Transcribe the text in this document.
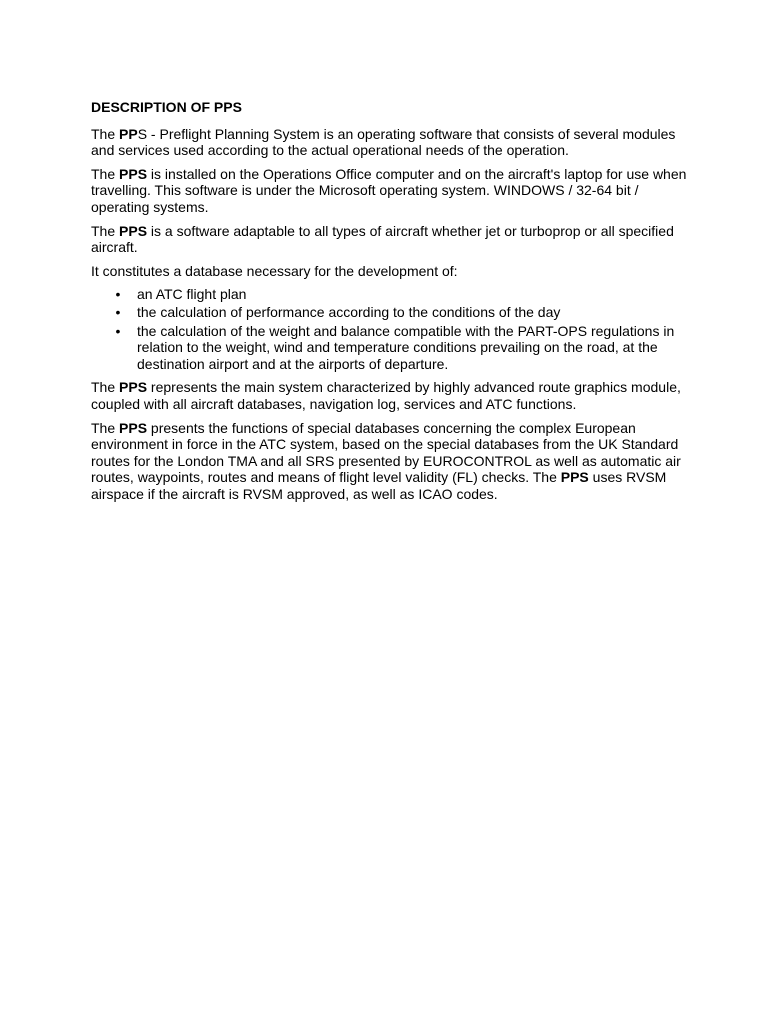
DESCRIPTION OF PPS

The PPS - Preflight Planning System is an operating software that consists of several modules and services used according to the actual operational needs of the operation.

The PPS is installed on the Operations Office computer and on the aircraft's laptop for use when travelling. This software is under the Microsoft operating system. WINDOWS / 32-64 bit / operating systems.

The PPS is a software adaptable to all types of aircraft whether jet or turboprop or all specified aircraft.

It constitutes a database necessary for the development of:

• an ATC flight plan
• the calculation of performance according to the conditions of the day
• the calculation of the weight and balance compatible with the PART-OPS regulations in relation to the weight, wind and temperature conditions prevailing on the road, at the destination airport and at the airports of departure.

The PPS represents the main system characterized by highly advanced route graphics module, coupled with all aircraft databases, navigation log, services and ATC functions.

The PPS presents the functions of special databases concerning the complex European environment in force in the ATC system, based on the special databases from the UK Standard routes for the London TMA and all SRS presented by EUROCONTROL as well as automatic air routes, waypoints, routes and means of flight level validity (FL) checks. The PPS uses RVSM airspace if the aircraft is RVSM approved, as well as ICAO codes.
